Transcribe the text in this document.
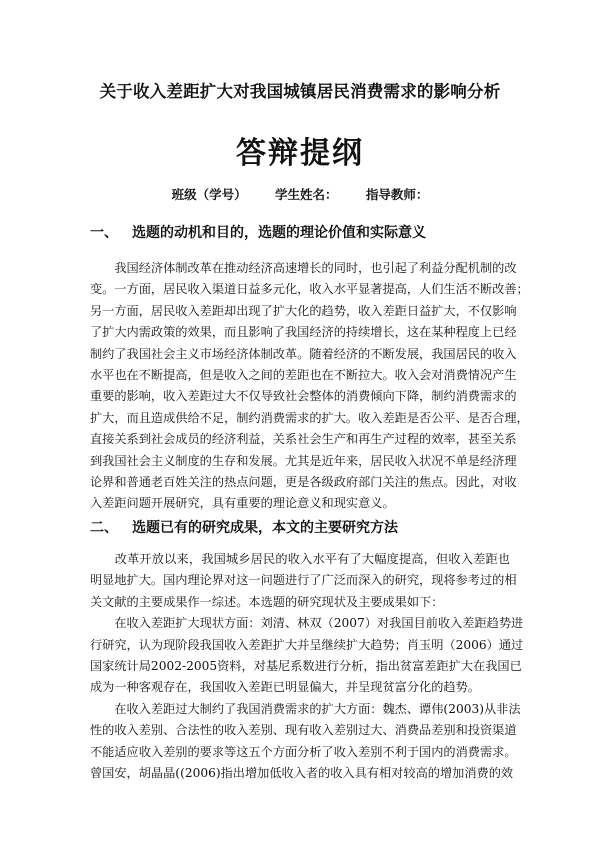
关于收入差距扩大对我国城镇居民消费需求的影响分析
答辩提纲
班级（学号） 学生姓名： 指导教师：
一、 选题的动机和目的，选题的理论价值和实际意义
　　我国经济体制改革在推动经济高速增长的同时，也引起了利益分配机制的改
变。一方面，居民收入渠道日益多元化，收入水平显著提高，人们生活不断改善；
另一方面，居民收入差距却出现了扩大化的趋势，收入差距日益扩大，不仅影响
了扩大内需政策的效果，而且影响了我国经济的持续增长，这在某种程度上已经
制约了我国社会主义市场经济体制改革。随着经济的不断发展，我国居民的收入
水平也在不断提高，但是收入之间的差距也在不断拉大。收入会对消费情况产生
重要的影响，收入差距过大不仅导致社会整体的消费倾向下降，制约消费需求的
扩大，而且造成供给不足，制约消费需求的扩大。收入差距是否公平、是否合理，
直接关系到社会成员的经济利益，关系社会生产和再生产过程的效率，甚至关系
到我国社会主义制度的生存和发展。尤其是近年来，居民收入状况不单是经济理
论界和普通老百姓关注的热点问题，更是各级政府部门关注的焦点。因此，对收
入差距问题开展研究，具有重要的理论意义和现实意义。
二、 选题已有的研究成果，本文的主要研究方法
　　改革开放以来，我国城乡居民的收入水平有了大幅度提高，但收入差距也
明显地扩大。国内理论界对这一问题进行了广泛而深入的研究，现将参考过的相
关文献的主要成果作一综述。本选题的研究现状及主要成果如下：
　　在收入差距扩大现状方面：刘清、林双（2007）对我国目前收入差距趋势进
行研究，认为现阶段我国收入差距扩大并呈继续扩大趋势；肖玉明（2006）通过
国家统计局2002-2005资料，对基尼系数进行分析，指出贫富差距扩大在我国已
成为一种客观存在，我国收入差距已明显偏大，并呈现贫富分化的趋势。
　　在收入差距过大制约了我国消费需求的扩大方面：魏杰、谭伟(2003)从非法
性的收入差别、合法性的收入差别、现有收入差别过大、消费品差别和投资渠道
不能适应收入差别的要求等这五个方面分析了收入差别不利于国内的消费需求。
曾国安，胡晶晶((2006)指出增加低收入者的收入具有相对较高的增加消费的效
